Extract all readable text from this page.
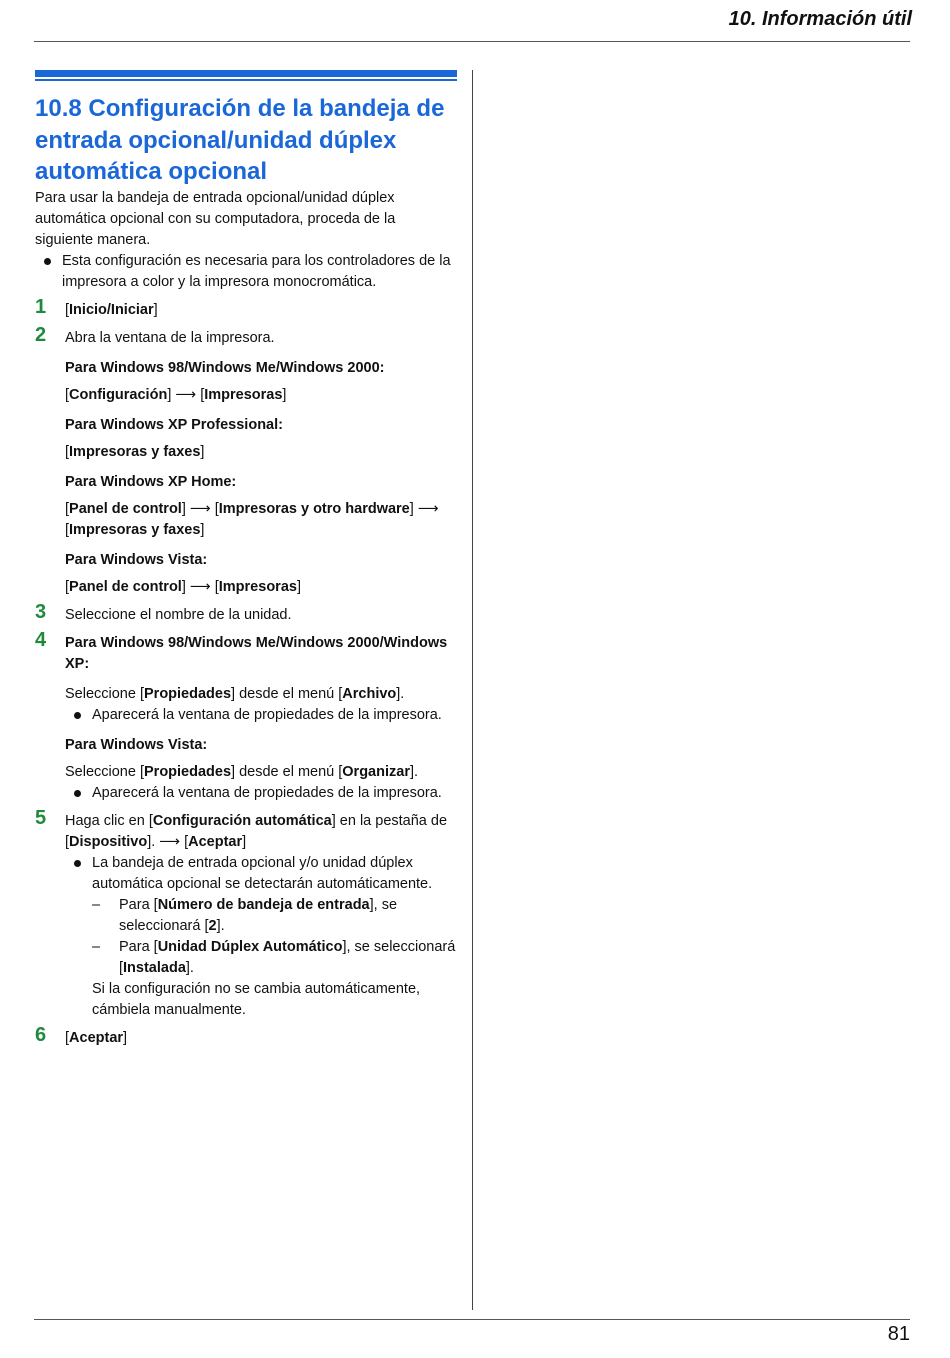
10. Información útil
10.8 Configuración de la bandeja de entrada opcional/unidad dúplex automática opcional

Para usar la bandeja de entrada opcional/unidad dúplex automática opcional con su computadora, proceda de la siguiente manera.

Esta configuración es necesaria para los controladores de la impresora a color y la impresora monocromática.
1 [Inicio/Iniciar]
2 Abra la ventana de la impresora.
Para Windows 98/Windows Me/Windows 2000:
[Configuración] ⟶ [Impresoras]
Para Windows XP Professional:
[Impresoras y faxes]
Para Windows XP Home:
[Panel de control] ⟶ [Impresoras y otro hardware] ⟶ [Impresoras y faxes]
Para Windows Vista:
[Panel de control] ⟶ [Impresoras]
3 Seleccione el nombre de la unidad.
4 Para Windows 98/Windows Me/Windows 2000/Windows XP:
Seleccione [Propiedades] desde el menú [Archivo].
Aparecerá la ventana de propiedades de la impresora.
Para Windows Vista:
Seleccione [Propiedades] desde el menú [Organizar].
Aparecerá la ventana de propiedades de la impresora.
5 Haga clic en [Configuración automática] en la pestaña de [Dispositivo]. ⟶ [Aceptar]
La bandeja de entrada opcional y/o unidad dúplex automática opcional se detectarán automáticamente.
– Para [Número de bandeja de entrada], se seleccionará [2].
– Para [Unidad Dúplex Automático], se seleccionará [Instalada].
Si la configuración no se cambia automáticamente, cámbiela manualmente.
6 [Aceptar]
81
